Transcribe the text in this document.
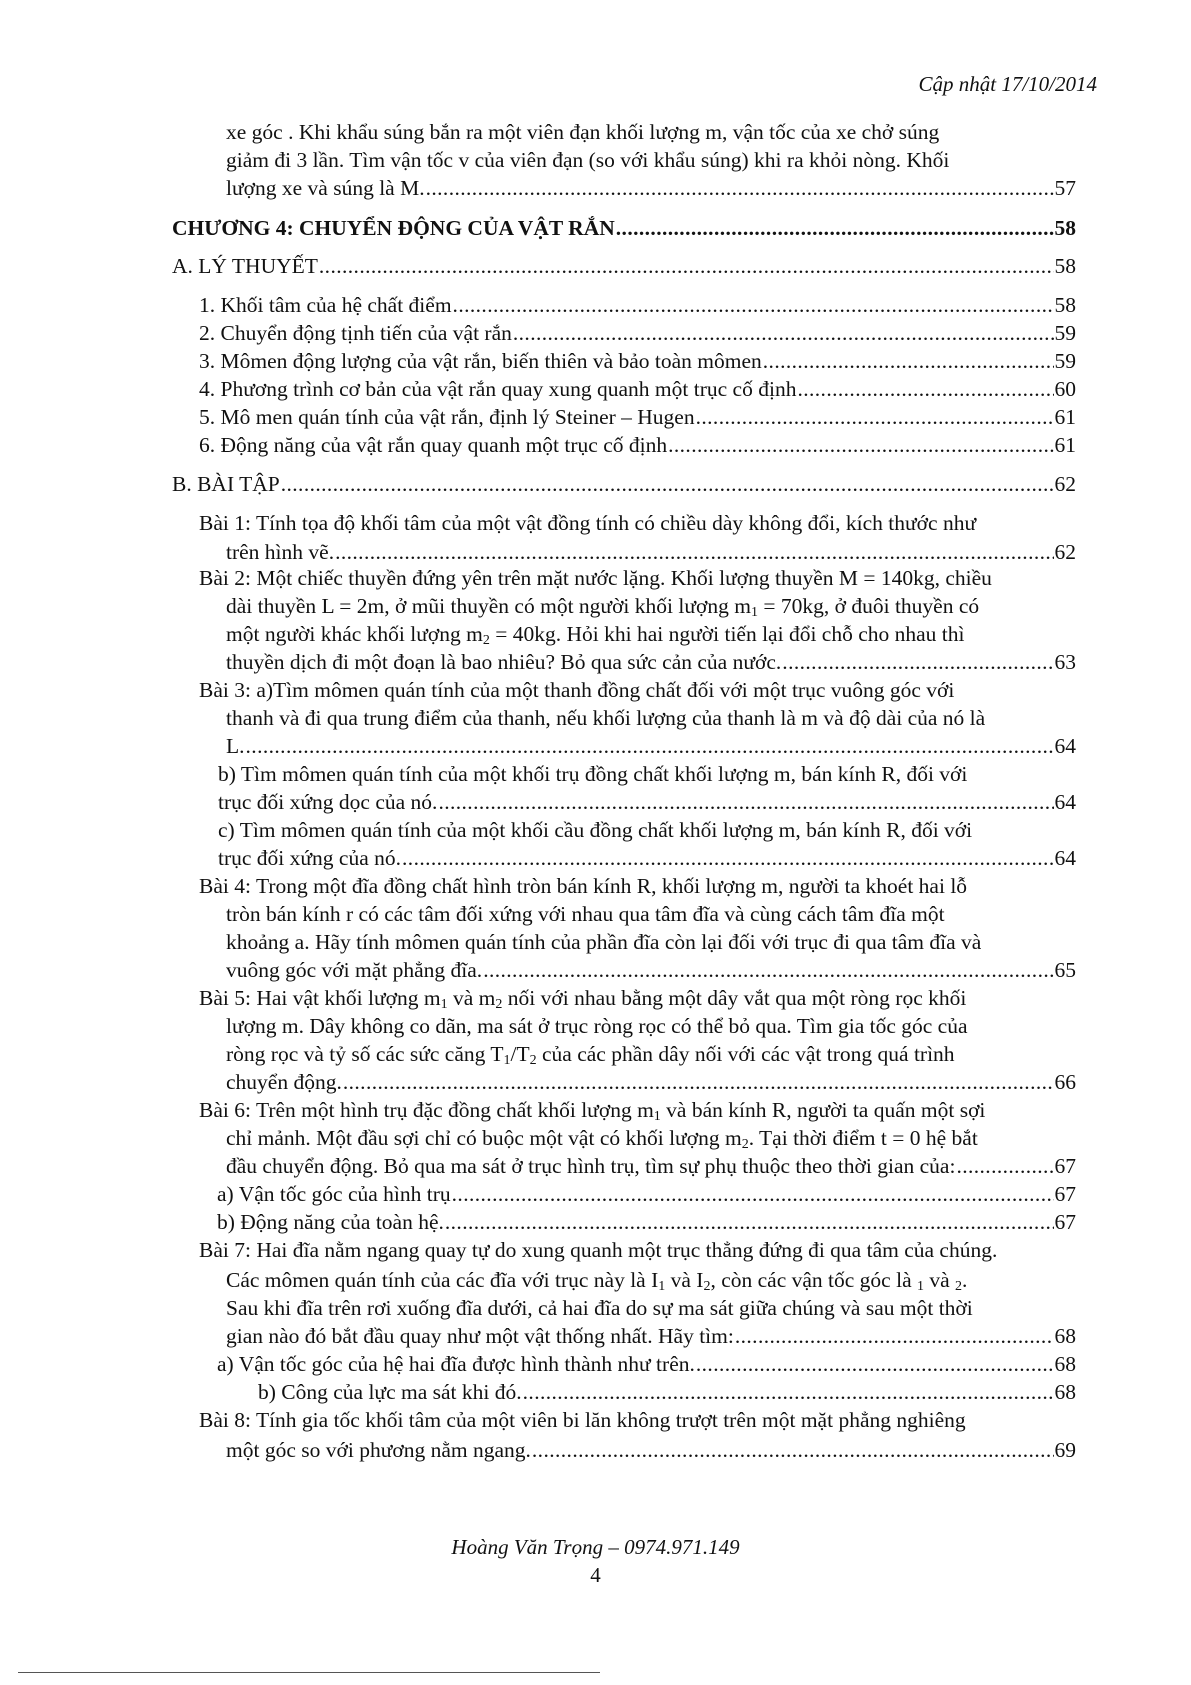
Cập nhật 17/10/2014
xe góc . Khi khẩu súng bắn ra một viên đạn khối lượng m, vận tốc của xe chở súng
giảm đi 3 lần. Tìm vận tốc v của viên đạn (so với khẩu súng) khi ra khỏi nòng. Khối
lượng xe và súng là M. .....	57
CHƯƠNG 4: CHUYỂN ĐỘNG CỦA VẬT RẮN .....	58
A. LÝ THUYẾT .....	58
1. Khối tâm của hệ chất điểm .....	58
2. Chuyển động tịnh tiến của vật rắn .....	59
3. Mômen động lượng của vật rắn, biến thiên và bảo toàn mômen .....	59
4. Phương trình cơ bản của vật rắn quay xung quanh một trục cố định .....	60
5. Mô men quán tính của vật rắn, định lý Steiner – Hugen .....	61
6. Động năng của vật rắn quay quanh một trục cố định .....	61
B. BÀI TẬP .....	62
Bài 1: Tính tọa độ khối tâm của một vật đồng tính có chiều dày không đổi, kích thước như
trên hình vẽ. .....	62
Bài 2: Một chiếc thuyền đứng yên trên mặt nước lặng. Khối lượng thuyền M = 140kg, chiều
dài thuyền L = 2m, ở mũi thuyền có một người khối lượng $m_1 = 70kg$, ở đuôi thuyền có
một người khác khối lượng $m_2 = 40kg$. Hỏi khi hai người tiến lại đổi chỗ cho nhau thì
thuyền dịch đi một đoạn là bao nhiêu? Bỏ qua sức cản của nước. .....	63
Bài 3: a)Tìm mômen quán tính của một thanh đồng chất đối với một trục vuông góc với
thanh và đi qua trung điểm của thanh, nếu khối lượng của thanh là m và độ dài của nó là
L. .....	64
b) Tìm mômen quán tính của một khối trụ đồng chất khối lượng m, bán kính R, đối với
trục đối xứng dọc của nó. .....	64
c) Tìm mômen quán tính của một khối cầu đồng chất khối lượng m, bán kính R, đối với
trục đối xứng của nó. .....	64
Bài 4: Trong một đĩa đồng chất hình tròn bán kính R, khối lượng m, người ta khoét hai lỗ
tròn bán kính r có các tâm đối xứng với nhau qua tâm đĩa và cùng cách tâm đĩa một
khoảng a. Hãy tính mômen quán tính của phần đĩa còn lại đối với trục đi qua tâm đĩa và
vuông góc với mặt phẳng đĩa. .....	65
Bài 5: Hai vật khối lượng $m_1$ và $m_2$ nối với nhau bằng một dây vắt qua một ròng rọc khối
lượng m. Dây không co dãn, ma sát ở trục ròng rọc có thể bỏ qua. Tìm gia tốc góc của
ròng rọc và tỷ số các sức căng $T_1/T_2$ của các phần dây nối với các vật trong quá trình
chuyển động. .....	66
Bài 6: Trên một hình trụ đặc đồng chất khối lượng $m_1$ và bán kính R, người ta quấn một sợi
chỉ mảnh. Một đầu sợi chỉ có buộc một vật có khối lượng $m_2$. Tại thời điểm t = 0 hệ bắt
đầu chuyển động. Bỏ qua ma sát ở trục hình trụ, tìm sự phụ thuộc theo thời gian của: .....	67
a) Vận tốc góc của hình trụ .....	67
b) Động năng của toàn hệ. .....	67
Bài 7: Hai đĩa nằm ngang quay tự do xung quanh một trục thẳng đứng đi qua tâm của chúng.
Các mômen quán tính của các đĩa với trục này là $I_1$ và $I_2$, còn các vận tốc góc là $_1$ và $_2$.
Sau khi đĩa trên rơi xuống đĩa dưới, cả hai đĩa do sự ma sát giữa chúng và sau một thời
gian nào đó bắt đầu quay như một vật thống nhất. Hãy tìm: .....	68
a) Vận tốc góc của hệ hai đĩa được hình thành như trên. .....	68
b) Công của lực ma sát khi đó. .....	68
Bài 8: Tính gia tốc khối tâm của một viên bi lăn không trượt trên một mặt phẳng nghiêng
một góc so với phương nằm ngang. .....	69
Hoàng Văn Trọng – 0974.971.149
4
